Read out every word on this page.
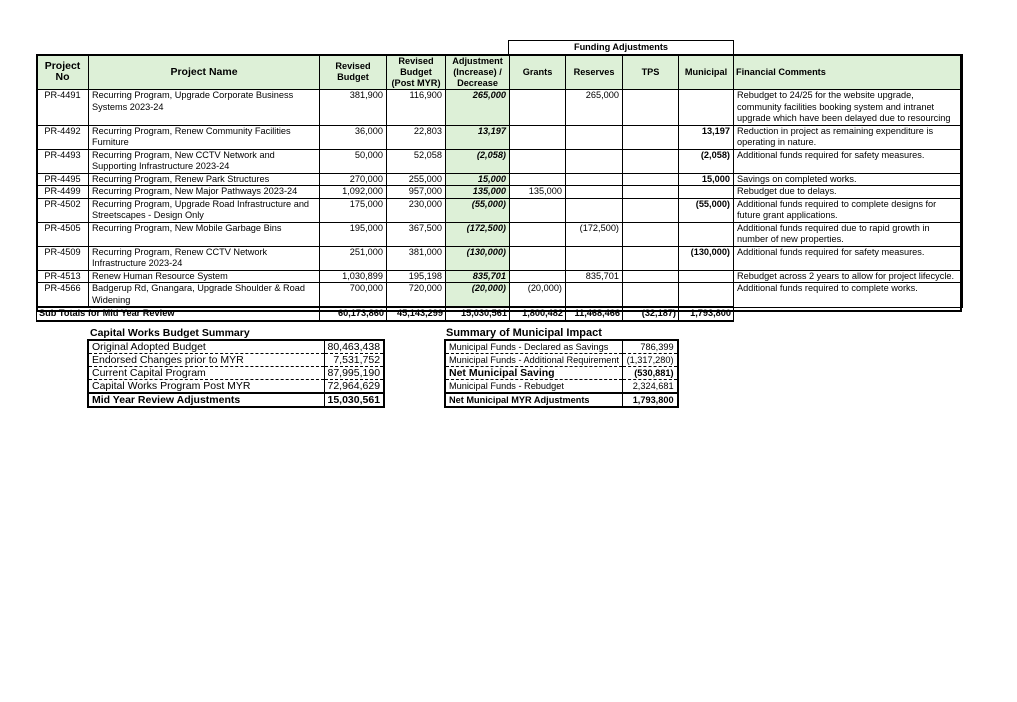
Funding Adjustments
Project No	Project Name	Revised Budget	Revised Budget (Post MYR)	Adjustment (Increase) / Decrease	Grants	Reserves	TPS	Municipal	Financial Comments
PR-4491	Recurring Program, Upgrade Corporate Business Systems 2023-24	381,900	116,900	265,000		265,000			Rebudget to 24/25 for the website upgrade, community facilities booking system and intranet upgrade which have been delayed due to resourcing
PR-4492	Recurring Program, Renew Community Facilities Furniture	36,000	22,803	13,197				13,197	Reduction in project as remaining expenditure is operating in nature.
PR-4493	Recurring Program, New CCTV Network and Supporting Infrastructure 2023-24	50,000	52,058	(2,058)				(2,058)	Additional funds required for safety measures.
PR-4495	Recurring Program, Renew Park Structures	270,000	255,000	15,000				15,000	Savings on completed works.
PR-4499	Recurring Program, New Major Pathways 2023-24	1,092,000	957,000	135,000	135,000				Rebudget due to delays.
PR-4502	Recurring Program, Upgrade Road Infrastructure and Streetscapes - Design Only	175,000	230,000	(55,000)				(55,000)	Additional funds required to complete designs for future grant applications.
PR-4505	Recurring Program, New Mobile Garbage Bins	195,000	367,500	(172,500)		(172,500)			Additional funds required due to rapid growth in number of new properties.
PR-4509	Recurring Program, Renew CCTV Network Infrastructure 2023-24	251,000	381,000	(130,000)				(130,000)	Additional funds required for safety measures.
PR-4513	Renew Human Resource System	1,030,899	195,198	835,701		835,701			Rebudget across 2 years to allow for project lifecycle.
PR-4566	Badgerup Rd, Gnangara, Upgrade Shoulder & Road Widening	700,000	720,000	(20,000)	(20,000)				Additional funds required to complete works.
Sub Totals for Mid Year Review		60,173,860	45,143,299	15,030,561	1,800,482	11,468,466	(32,187)	1,793,800	
Capital Works Budget Summary
Original Adopted Budget	80,463,438
Endorsed Changes prior to MYR	7,531,752
Current Capital Program	87,995,190
Capital Works Program Post MYR	72,964,629
Mid Year Review Adjustments	15,030,561
Summary of Municipal Impact
Municipal Funds - Declared as Savings	786,399
Municipal Funds - Additional Requirement	(1,317,280)
Net Municipal Saving	(530,881)
Municipal Funds - Rebudget	2,324,681
Net Municipal MYR Adjustments	1,793,800
